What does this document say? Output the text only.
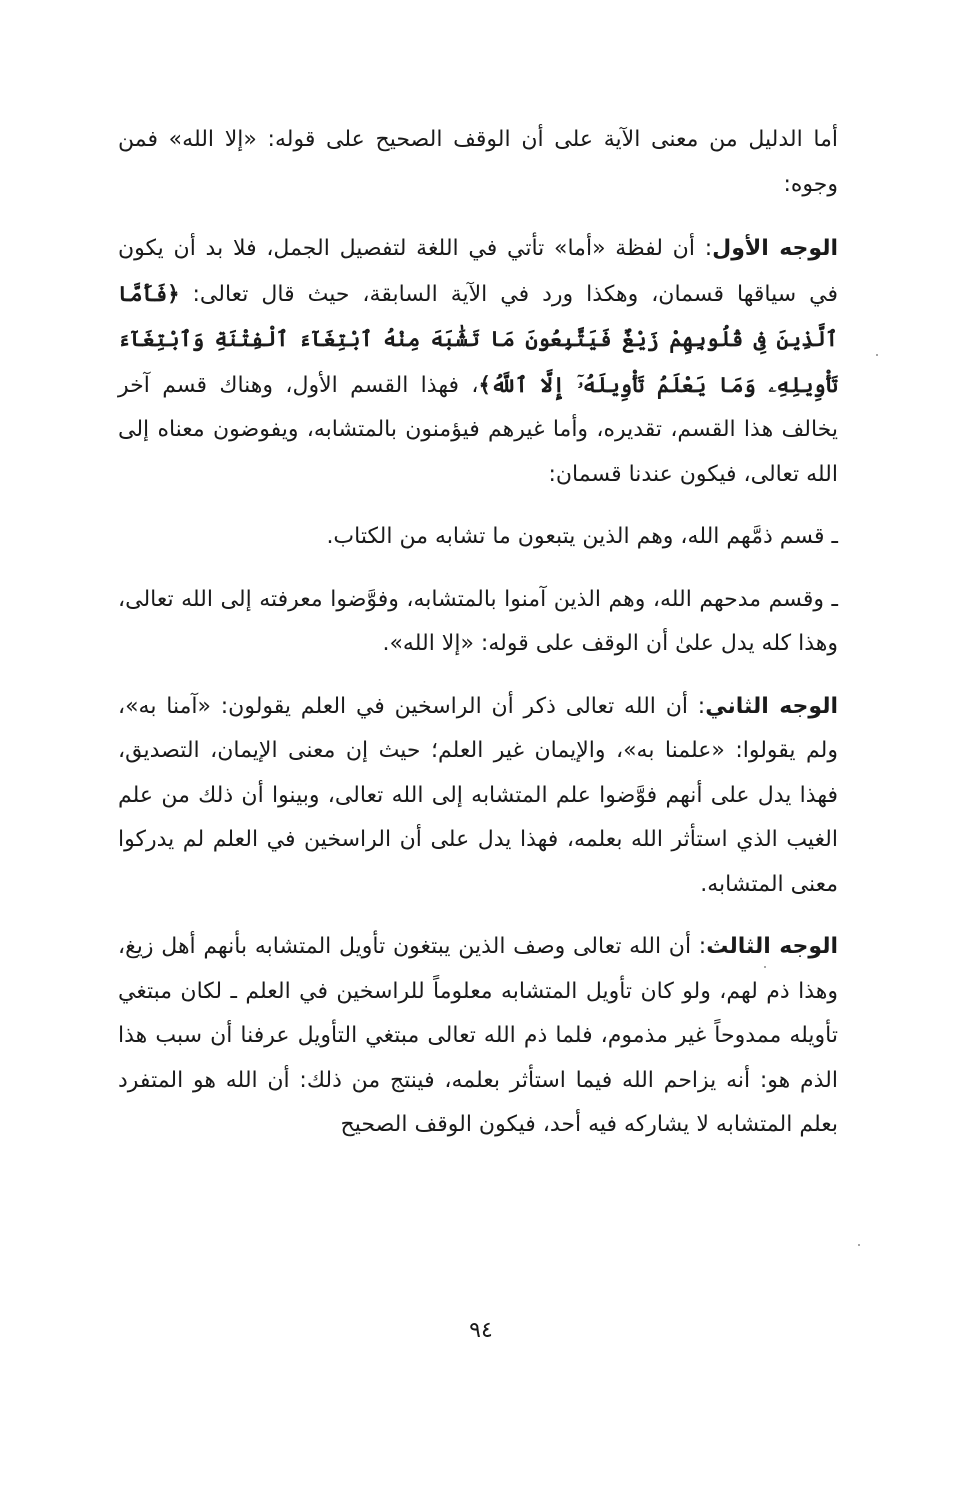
أما الدليل من معنى الآية على أن الوقف الصحيح على قوله: «إلا الله» فمن وجوه:

الوجه الأول: أن لفظة «أما» تأتي في اللغة لتفصيل الجمل، فلا بد أن يكون في سياقها قسمان، وهكذا ورد في الآية السابقة، حيث قال تعالى: ﴿فَأَمَّا ٱلَّذِينَ فِى قُلُوبِهِمْ زَيْغٌ فَيَتَّبِعُونَ مَا تَشَٰبَهَ مِنْهُ ٱبْتِغَآءَ ٱلْفِتْنَةِ وَٱبْتِغَآءَ تَأْوِيلِهِۦ وَمَا يَعْلَمُ تَأْوِيلَهُۥٓ إِلَّا ٱللَّهُ﴾، فهذا القسم الأول، وهناك قسم آخر يخالف هذا القسم، تقديره، وأما غيرهم فيؤمنون بالمتشابه، ويفوضون معناه إلى الله تعالى، فيكون عندنا قسمان:

ـ قسم ذمَّهم الله، وهم الذين يتبعون ما تشابه من الكتاب.

ـ وقسم مدحهم الله، وهم الذين آمنوا بالمتشابه، وفوَّضوا معرفته إلى الله تعالى، وهذا كله يدل علىٰ أن الوقف على قوله: «إلا الله».

الوجه الثاني: أن الله تعالى ذكر أن الراسخين في العلم يقولون: «آمنا به»، ولم يقولوا: «علمنا به»، والإيمان غير العلم؛ حيث إن معنى الإيمان، التصديق، فهذا يدل على أنهم فوَّضوا علم المتشابه إلى الله تعالى، وبينوا أن ذلك من علم الغيب الذي استأثر الله بعلمه، فهذا يدل على أن الراسخين في العلم لم يدركوا معنى المتشابه.

الوجه الثالث: أن الله تعالى وصف الذين يبتغون تأويل المتشابه بأنهم أهل زيغ، وهذا ذم لهم، ولو كان تأويل المتشابه معلوماً للراسخين في العلم ـ لكان مبتغي تأويله ممدوحاً غير مذموم، فلما ذم الله تعالى مبتغي التأويل عرفنا أن سبب هذا الذم هو: أنه يزاحم الله فيما استأثر بعلمه، فينتج من ذلك: أن الله هو المتفرد بعلم المتشابه لا يشاركه فيه أحد، فيكون الوقف الصحيح

٩٤
